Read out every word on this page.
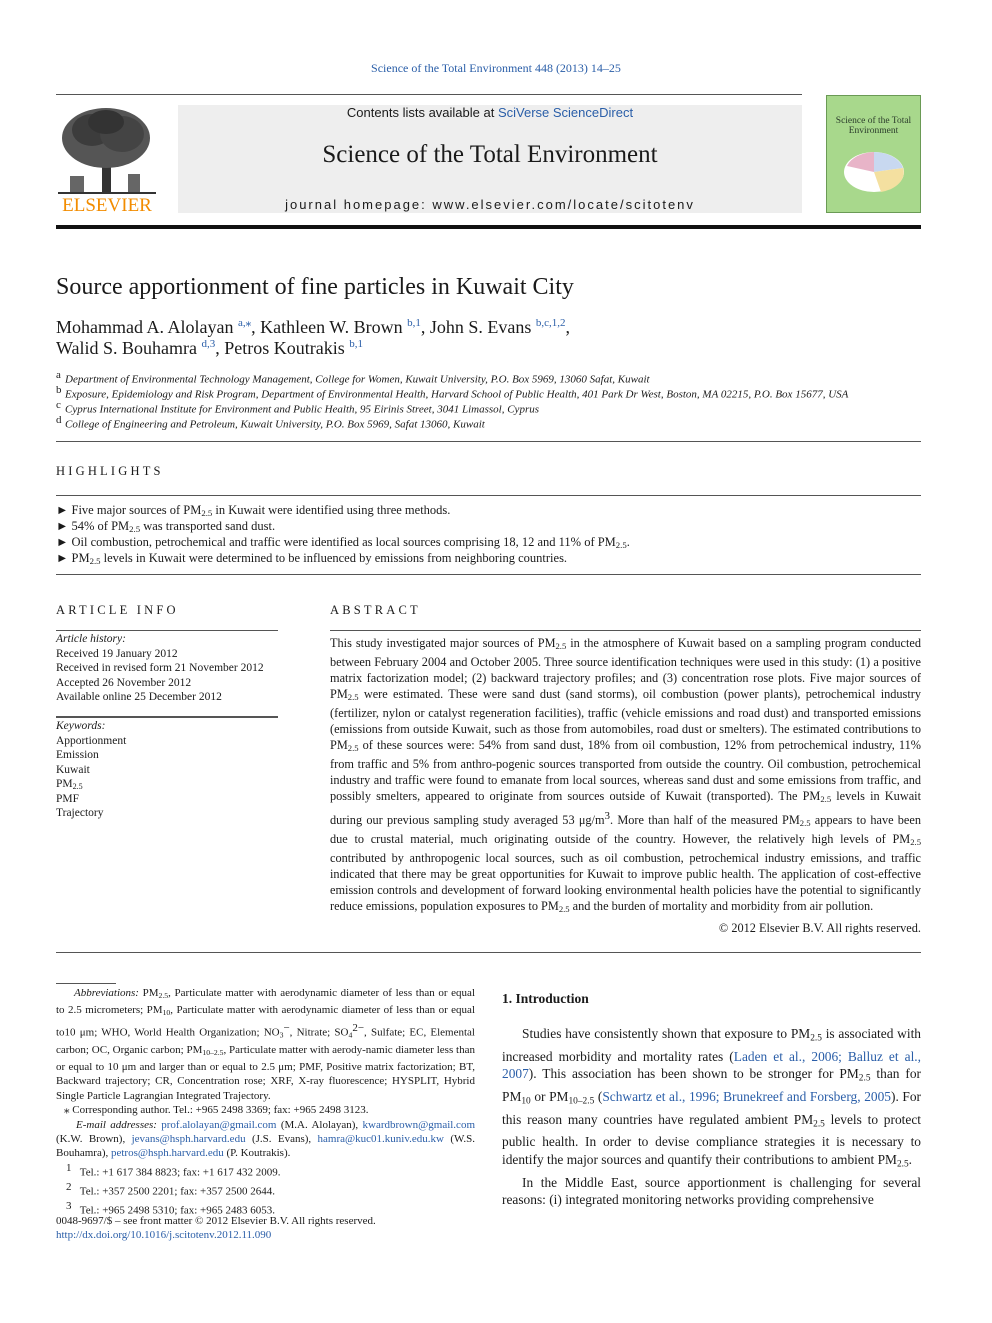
Science of the Total Environment 448 (2013) 14–25
ELSEVIER
Contents lists available at SciVerse ScienceDirect
Science of the Total Environment
journal homepage: www.elsevier.com/locate/scitotenv
Science of the Total Environment
Source apportionment of fine particles in Kuwait City
Mohammad A. Alolayan $^{a,⁎}$, Kathleen W. Brown $^{b,1}$, John S. Evans $^{b,c,1,2}$,
Walid S. Bouhamra $^{d,3}$, Petros Koutrakis $^{b,1}$
$^a$ Department of Environmental Technology Management, College for Women, Kuwait University, P.O. Box 5969, 13060 Safat, Kuwait
$^b$ Exposure, Epidemiology and Risk Program, Department of Environmental Health, Harvard School of Public Health, 401 Park Dr West, Boston, MA 02215, P.O. Box 15677, USA
$^c$ Cyprus International Institute for Environment and Public Health, 95 Eirinis Street, 3041 Limassol, Cyprus
$^d$ College of Engineering and Petroleum, Kuwait University, P.O. Box 5969, Safat 13060, Kuwait
HIGHLIGHTS
► Five major sources of $PM_{2.5}$ in Kuwait were identified using three methods.
► 54% of $PM_{2.5}$ was transported sand dust.
► Oil combustion, petrochemical and traffic were identified as local sources comprising 18, 12 and 11% of $PM_{2.5}$.
► $PM_{2.5}$ levels in Kuwait were determined to be influenced by emissions from neighboring countries.
ARTICLE INFO
Article history:
Received 19 January 2012
Received in revised form 21 November 2012
Accepted 26 November 2012
Available online 25 December 2012
Keywords:
Apportionment
Emission
Kuwait
$PM_{2.5}$
PMF
Trajectory
ABSTRACT
This study investigated major sources of $PM_{2.5}$ in the atmosphere of Kuwait based on a sampling program conducted between February 2004 and October 2005. Three source identification techniques were used in this study: (1) a positive matrix factorization model; (2) backward trajectory profiles; and (3) concentration rose plots. Five major sources of $PM_{2.5}$ were estimated. These were sand dust (sand storms), oil combustion (power plants), petrochemical industry (fertilizer, nylon or catalyst regeneration facilities), traffic (vehicle emissions and road dust) and transported emissions (emissions from outside Kuwait, such as those from automobiles, road dust or smelters). The estimated contributions to $PM_{2.5}$ of these sources were: 54% from sand dust, 18% from oil combustion, 12% from petrochemical industry, 11% from traffic and 5% from anthro-pogenic sources transported from outside the country. Oil combustion, petrochemical industry and traffic were found to emanate from local sources, whereas sand dust and some emissions from traffic, and possibly smelters, appeared to originate from sources outside of Kuwait (transported). The $PM_{2.5}$ levels in Kuwait during our previous sampling study averaged 53 $\mu g/m^3$. More than half of the measured $PM_{2.5}$ appears to have been due to crustal material, much originating outside of the country. However, the relatively high levels of $PM_{2.5}$ contributed by anthropogenic local sources, such as oil combustion, petrochemical industry emissions, and traffic indicated that there may be great opportunities for Kuwait to improve public health. The application of cost-effective emission controls and development of forward looking environmental health policies have the potential to significantly reduce emissions, population exposures to $PM_{2.5}$ and the burden of mortality and morbidity from air pollution.
© 2012 Elsevier B.V. All rights reserved.
Abbreviations: $PM_{2.5}$, Particulate matter with aerodynamic diameter of less than or equal to 2.5 micrometers; $PM_{10}$, Particulate matter with aerodynamic diameter of less than or equal to10 μm; WHO, World Health Organization; $NO_3^-$, Nitrate; $SO_4^{2-}$, Sulfate; EC, Elemental carbon; OC, Organic carbon; $PM_{10-2.5}$, Particulate matter with aerody-namic diameter less than or equal to 10 μm and larger than or equal to 2.5 μm; PMF, Positive matrix factorization; BT, Backward trajectory; CR, Concentration rose; XRF, X-ray fluorescence; HYSPLIT, Hybrid Single Particle Lagrangian Integrated Trajectory.
⁎ Corresponding author. Tel.: +965 2498 3369; fax: +965 2498 3123.
E-mail addresses: prof.alolayan@gmail.com (M.A. Alolayan), kwardbrown@gmail.com (K.W. Brown), jevans@hsph.harvard.edu (J.S. Evans), hamra@kuc01.kuniv.edu.kw (W.S. Bouhamra), petros@hsph.harvard.edu (P. Koutrakis).
$^1$   Tel.: +1 617 384 8823; fax: +1 617 432 2009.
$^2$   Tel.: +357 2500 2201; fax: +357 2500 2644.
$^3$   Tel.: +965 2498 5310; fax: +965 2483 6053.
0048-9697/$ – see front matter © 2012 Elsevier B.V. All rights reserved.
http://dx.doi.org/10.1016/j.scitotenv.2012.11.090
1. Introduction
Studies have consistently shown that exposure to $PM_{2.5}$ is associated with increased morbidity and mortality rates (Laden et al., 2006; Balluz et al., 2007). This association has been shown to be stronger for $PM_{2.5}$ than for $PM_{10}$ or $PM_{10-2.5}$ (Schwartz et al., 1996; Brunekreef and Forsberg, 2005). For this reason many countries have regulated ambient $PM_{2.5}$ levels to protect public health. In order to devise compliance strategies it is necessary to identify the major sources and quantify their contributions to ambient $PM_{2.5}$.
In the Middle East, source apportionment is challenging for several reasons: (i) integrated monitoring networks providing comprehensive
